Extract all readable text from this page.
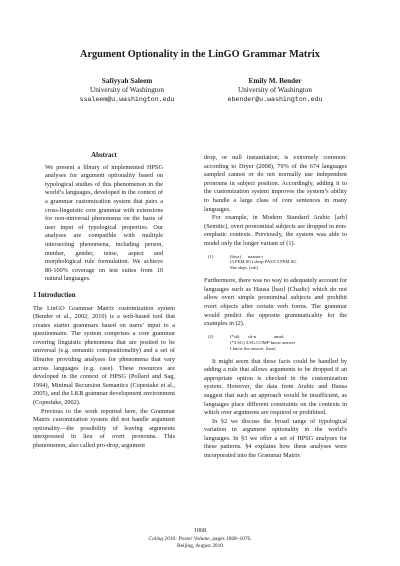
Argument Optionality in the LinGO Grammar Matrix
Safiyyah Saleem
University of Washington
ssaleem@u.washington.edu
Emily M. Bender
University of Washington
ebender@u.washington.edu
Abstract

We present a library of implemented HPSG analyses for argument optionality based on typological studies of this phenomenon in the world’s languages, developed in the context of a grammar customization system that pairs a cross-linguistic core grammar with extensions for non-universal phenomena on the basis of user input of typological properties. Our analyses are compatible with multiple intersecting phenomena, including person, number, gender, tense, aspect and morphological rule formulation. We achieve 80-100% coverage on test suites from 10 natural languages.

1 Introduction

The LinGO Grammar Matrix customization system (Bender et al., 2002; 2010) is a web-based tool that creates starter grammars based on users’ input to a questionnaire. The system comprises a core grammar covering linguistic phenomena that are posited to be universal (e.g. semantic compositionality) and a set of libraries providing analyses for phenomena that vary across languages (e.g. case). These resources are developed in the context of HPSG (Pollard and Sag, 1994), Minimal Recursion Semantics (Copestake et al., 2005), and the LKB grammar development environment (Copestake, 2002).

Previous to the work reported here, the Grammar Matrix customization system did not handle argument optionality—the possibility of leaving arguments unexpressed in lieu of overt pronouns. This phenomenon, also called pro-drop, argument

drop, or null instantiation, is extremely common: according to Dryer (2008), 79% of the 674 languages sampled cannot or do not normally use independent pronouns in subject position. Accordingly, adding it to the customization system improves the system’s ability to handle a large class of core sentences in many languages.

For example, in Modern Standard Arabic [arb] (Semitic), overt pronominal subjects are dropped in non-emphatic contexts. Previously, the system was able to model only the longer variant of (1).

(1)	(hiya)	naama-t
(3.FEM.SG) sleep.PAST-3.FEM.SG
She slept. [arb]

Furthermore, there was no way to adequately account for languages such as Hausa [hau] (Chadic) which do not allow overt simple pronominal subjects and prohibit overt objects after certain verb forms. The grammar would predict the opposite grammaticality for the examples in (2).

(2)	(*sū)	sū-n	amsā
(*3.SG) 3.SG.COMP-know answer
I know the answer. [hau]

It might seem that these facts could be handled by adding a rule that allows arguments to be dropped if an appropriate option is checked in the customization system. However, the data from Arabic and Hausa suggest that such an approach would be insufficient, as languages place different constraints on the contexts in which over arguments are required or prohibited.

In §2 we discuss the broad range of typological variation in argument optionality in the world’s languages. In §3 we offer a set of HPSG analyses for these patterns. §4 explains how these analyses were incorporated into the Grammar Matrix

1068
Coling 2010: Poster Volume, pages 1068–1076,
Beijing, August 2010
